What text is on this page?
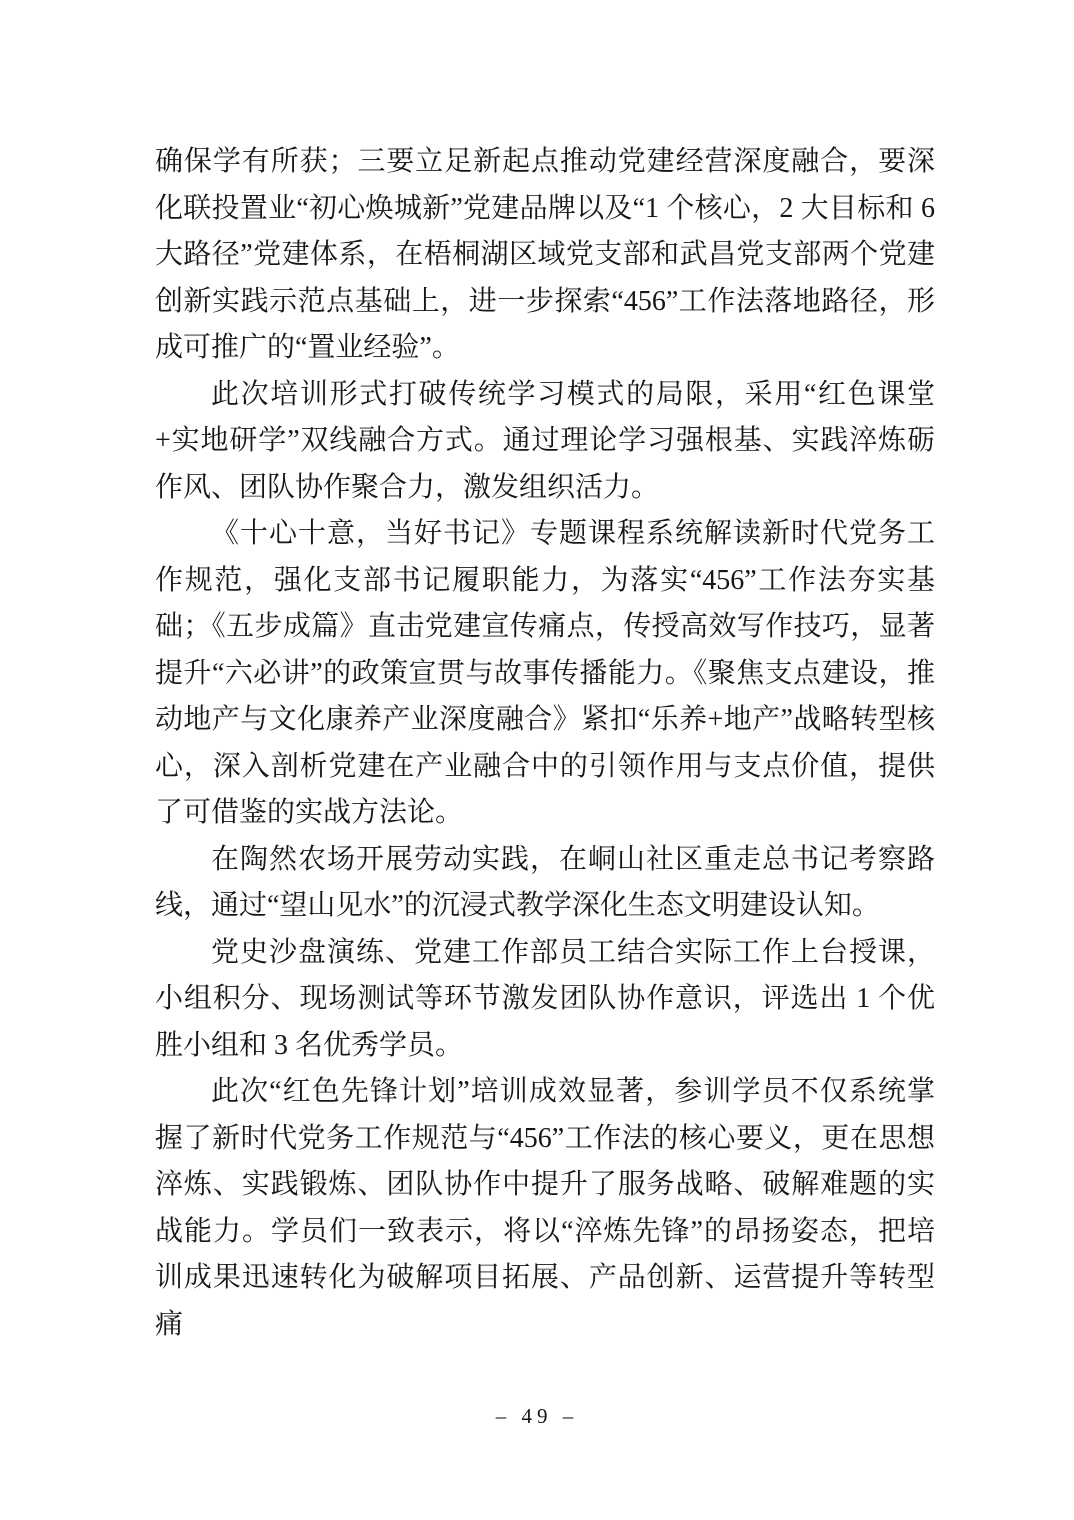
确保学有所获；三要立足新起点推动党建经营深度融合，要深化联投置业“初心焕城新”党建品牌以及“1 个核心，2 大目标和 6 大路径”党建体系，在梧桐湖区域党支部和武昌党支部两个党建创新实践示范点基础上，进一步探索“456”工作法落地路径，形成可推广的“置业经验”。

此次培训形式打破传统学习模式的局限，采用“红色课堂+实地研学”双线融合方式。通过理论学习强根基、实践淬炼砺作风、团队协作聚合力，激发组织活力。

《十心十意，当好书记》专题课程系统解读新时代党务工作规范，强化支部书记履职能力，为落实“456”工作法夯实基础；《五步成篇》直击党建宣传痛点，传授高效写作技巧，显著提升“六必讲”的政策宣贯与故事传播能力。《聚焦支点建设，推动地产与文化康养产业深度融合》紧扣“乐养+地产”战略转型核心，深入剖析党建在产业融合中的引领作用与支点价值，提供了可借鉴的实战方法论。

在陶然农场开展劳动实践，在峒山社区重走总书记考察路线，通过“望山见水”的沉浸式教学深化生态文明建设认知。

党史沙盘演练、党建工作部员工结合实际工作上台授课，小组积分、现场测试等环节激发团队协作意识，评选出 1 个优胜小组和 3 名优秀学员。

此次“红色先锋计划”培训成效显著，参训学员不仅系统掌握了新时代党务工作规范与“456”工作法的核心要义，更在思想淬炼、实践锻炼、团队协作中提升了服务战略、破解难题的实战能力。学员们一致表示，将以“淬炼先锋”的昂扬姿态，把培训成果迅速转化为破解项目拓展、产品创新、运营提升等转型痛

– 49 –
